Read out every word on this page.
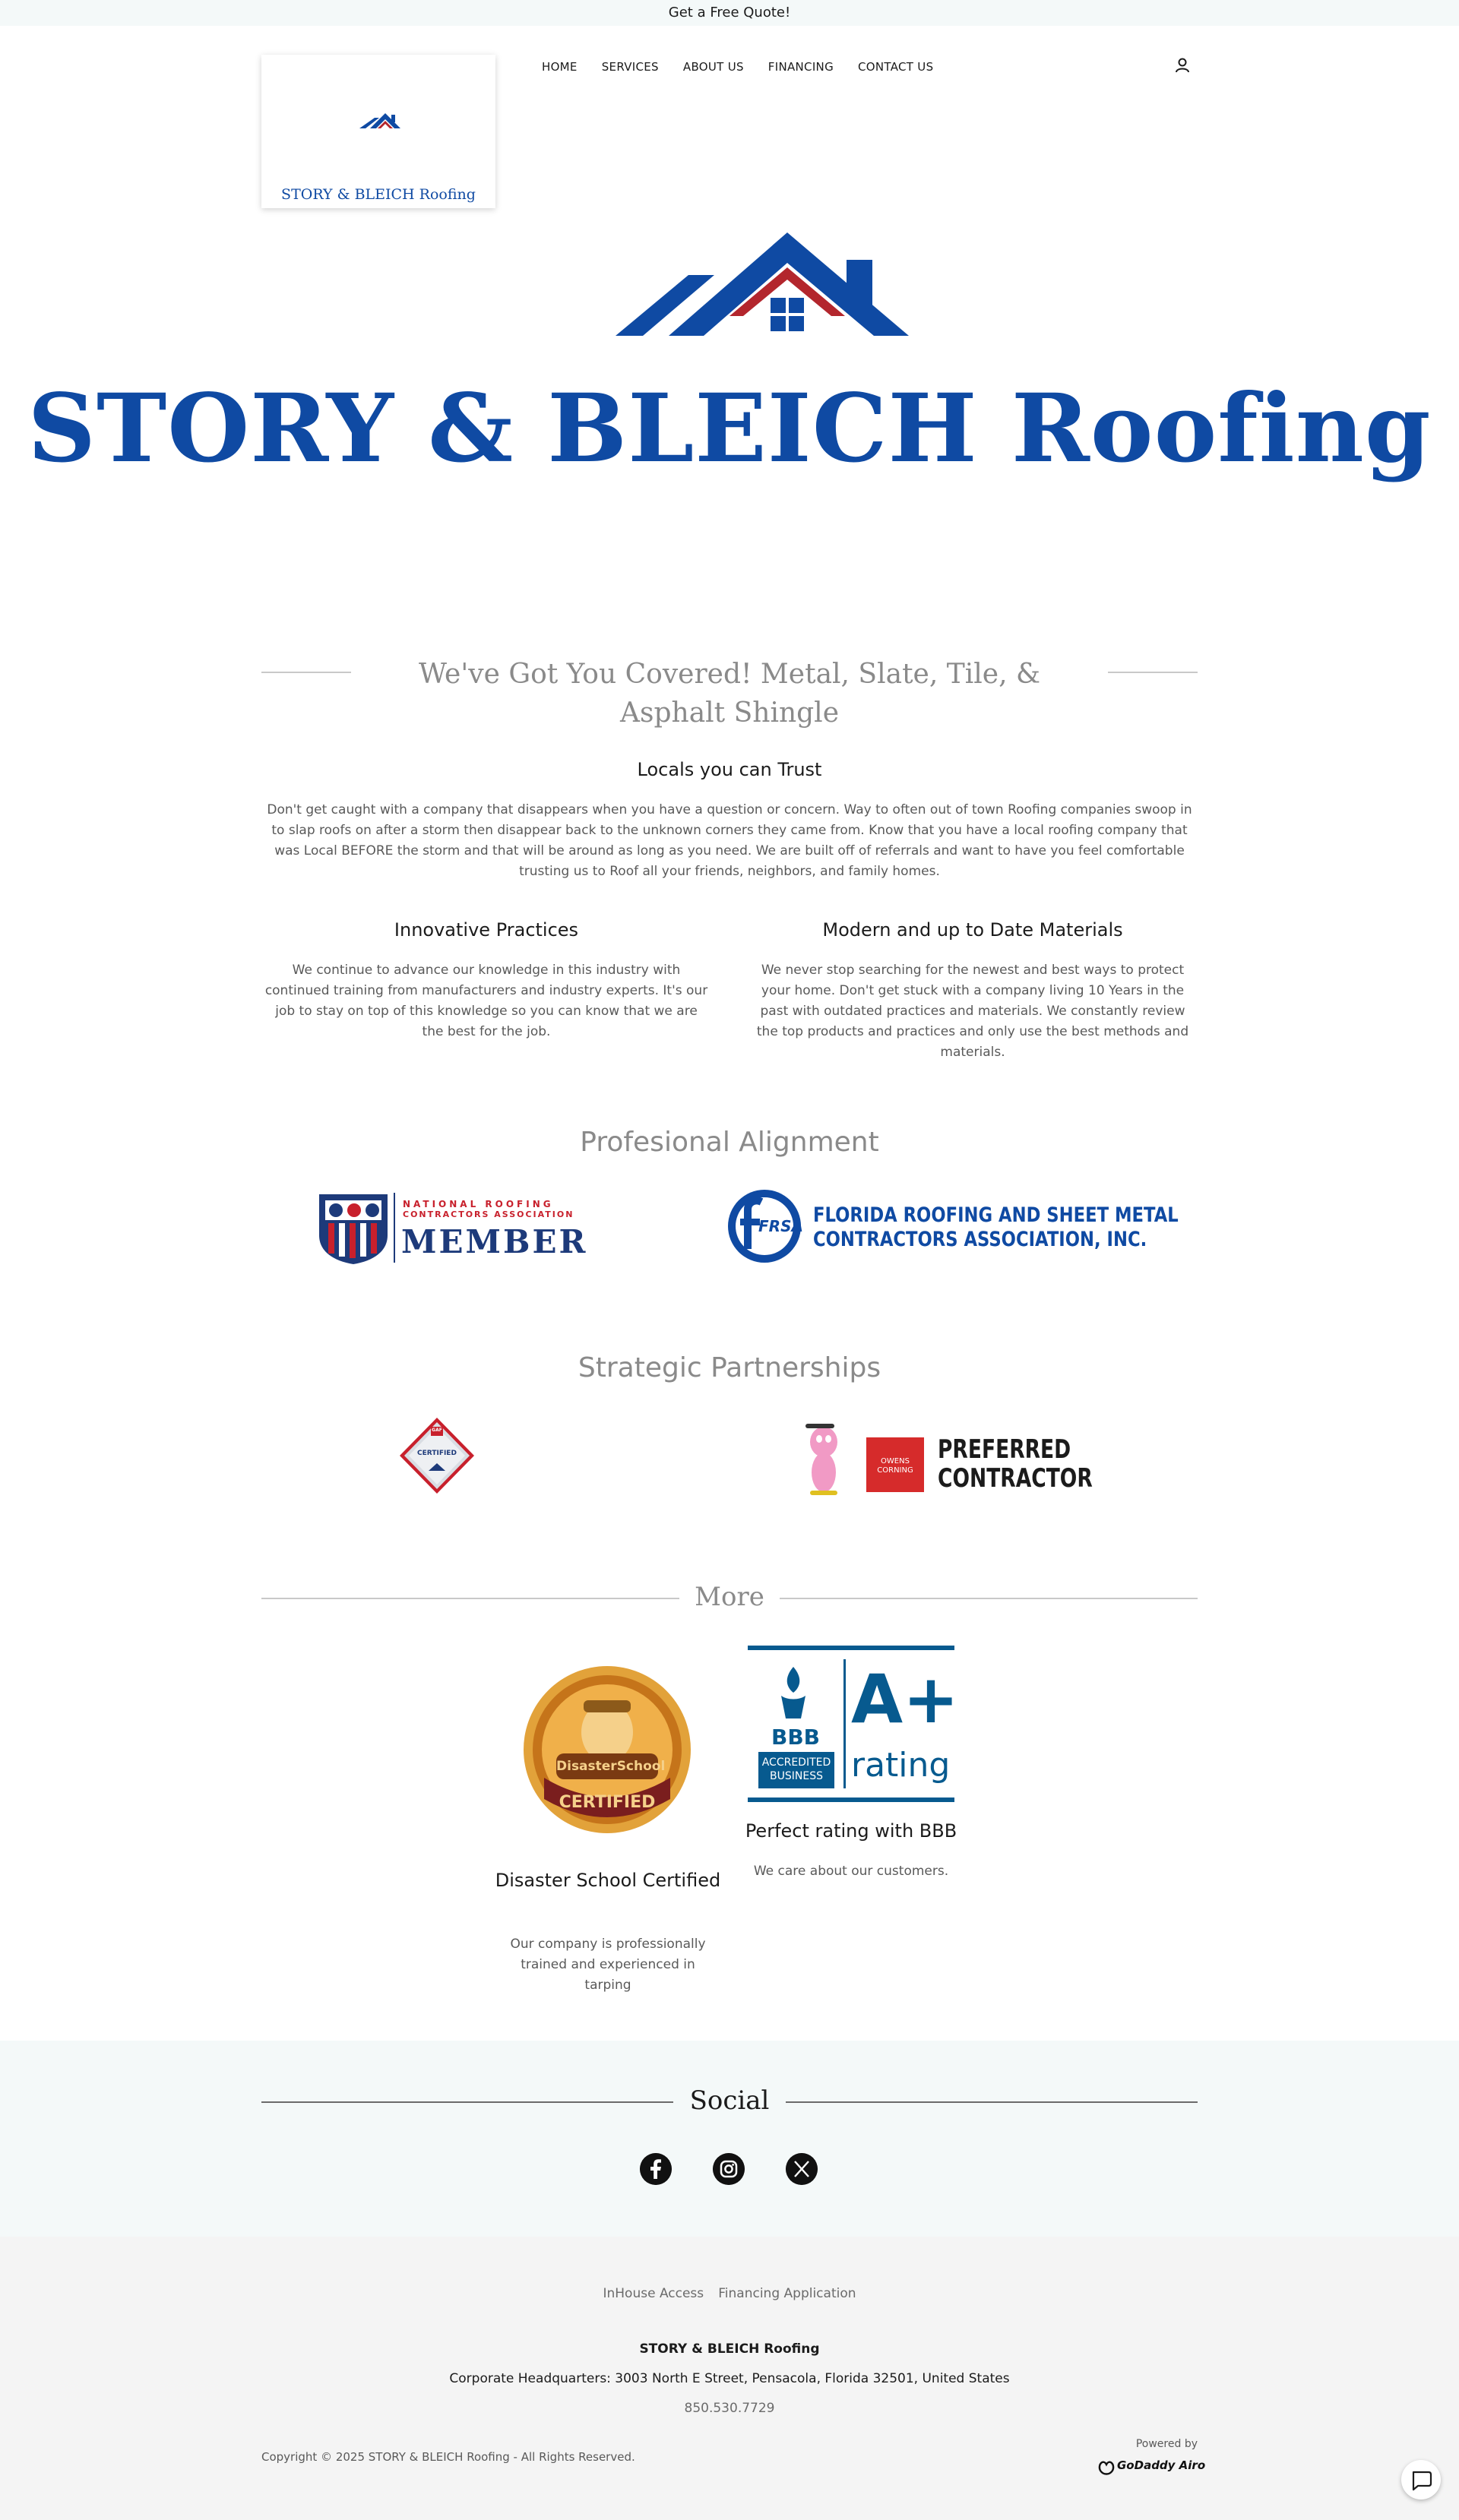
Get a Free Quote!
STORY & BLEICH Roofing
HOME SERVICES ABOUT US FINANCING CONTACT US
STORY & BLEICH Roofing
We've Got You Covered! Metal, Slate, Tile, & Asphalt Shingle
Locals you can Trust
Don't get caught with a company that disappears when you have a question or concern. Way to often out of town Roofing companies swoop in to slap roofs on after a storm then disappear back to the unknown corners they came from. Know that you have a local roofing company that was Local BEFORE the storm and that will be around as long as you need. We are built off of referrals and want to have you feel comfortable trusting us to Roof all your friends, neighbors, and family homes.
Innovative Practices
We continue to advance our knowledge in this industry with continued training from manufacturers and industry experts. It's our job to stay on top of this knowledge so you can know that we are the best for the job.
Modern and up to Date Materials
We never stop searching for the newest and best ways to protect your home. Don't get stuck with a company living 10 Years in the past with outdated practices and materials. We constantly review the top products and practices and only use the best methods and materials.
Profesional Alignment
NATIONAL ROOFING
CONTRACTORS ASSOCIATION
MEMBER	FRSA FLORIDA ROOFING AND SHEET METAL
CONTRACTORS ASSOCIATION, INC.
Strategic Partnerships
GAF
CERTIFIED
OWENS
CORNING
PREFERRED
CONTRACTOR
More
DisasterSchool
CERTIFIED
Disaster School Certified
Our company is professionally trained and experienced in tarping
BBB
ACCREDITED
BUSINESS
A+
rating
Perfect rating with BBB
We care about our customers.
Social
InHouse Access Financing Application
STORY & BLEICH Roofing
Corporate Headquarters: 3003 North E Street, Pensacola, Florida 32501, United States
850.530.7729
Copyright © 2025 STORY & BLEICH Roofing - All Rights Reserved.
Powered by
GoDaddy Airo
